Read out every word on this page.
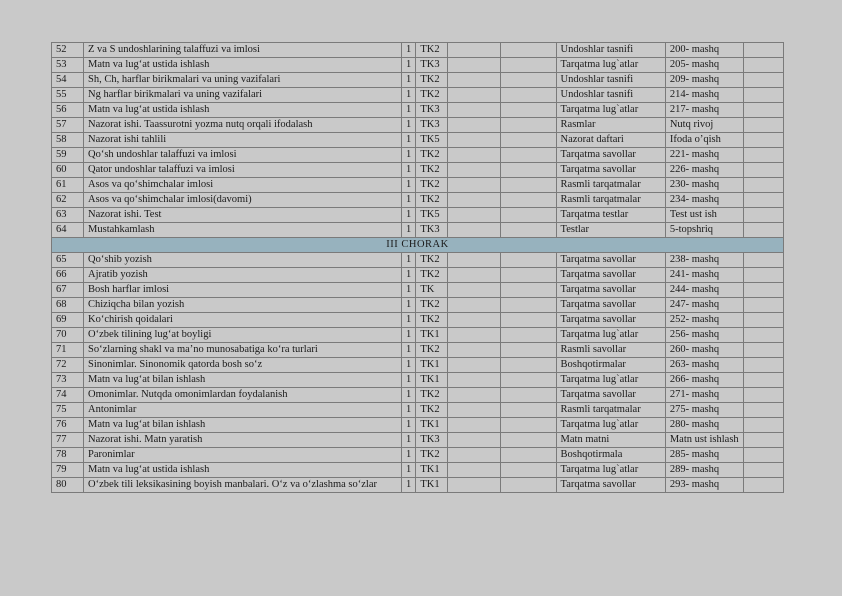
52	Z va S undoshlarining talaffuzi va imlosi	1	TK2			Undoshlar tasnifi	200- mashq	
53	Matn va lug‘at ustida ishlash	1	TK3			Tarqatma lug`atlar	205- mashq	
54	Sh, Ch, harflar birikmalari va uning vazifalari	1	TK2			Undoshlar tasnifi	209- mashq	
55	Ng harflar birikmalari va uning vazifalari	1	TK2			Undoshlar tasnifi	214- mashq	
56	Matn va lug‘at ustida ishlash	1	TK3			Tarqatma lug`atlar	217- mashq	
57	Nazorat ishi. Taassurotni yozma nutq orqali ifodalash	1	TK3			Rasmlar	Nutq rivoj	
58	Nazorat ishi tahlili	1	TK5			Nazorat daftari	Ifoda o’qish	
59	Qo‘sh undoshlar talaffuzi va imlosi	1	TK2			Tarqatma savollar	221- mashq	
60	Qator undoshlar talaffuzi va imlosi	1	TK2			Tarqatma savollar	226- mashq	
61	Asos va qo‘shimchalar imlosi	1	TK2			Rasmli tarqatmalar	230- mashq	
62	Asos va qo‘shimchalar imlosi(davomi)	1	TK2			Rasmli tarqatmalar	234- mashq	
63	Nazorat ishi. Test	1	TK5			Tarqatma testlar	Test ust ish	
64	Mustahkamlash	1	TK3			Testlar	5-topshriq	
III CHORAK								
65	Qo‘shib yozish	1	TK2			Tarqatma savollar	238- mashq	
66	Ajratib yozish	1	TK2			Tarqatma savollar	241- mashq	
67	Bosh harflar imlosi	1	TK			Tarqatma savollar	244- mashq	
68	Chiziqcha bilan yozish	1	TK2			Tarqatma savollar	247- mashq	
69	Ko‘chirish qoidalari	1	TK2			Tarqatma savollar	252- mashq	
70	O‘zbek tilining lug‘at boyligi	1	TK1			Tarqatma lug`atlar	256- mashq	
71	So‘zlarning shakl va ma’no munosabatiga ko‘ra turlari	1	TK2			Rasmli savollar	260- mashq	
72	Sinonimlar. Sinonomik qatorda bosh so‘z	1	TK1			Boshqotirmalar	263- mashq	
73	Matn va lug‘at bilan ishlash	1	TK1			Tarqatma lug`atlar	266- mashq	
74	Omonimlar. Nutqda omonimlardan foydalanish	1	TK2			Tarqatma savollar	271- mashq	
75	Antonimlar	1	TK2			Rasmli tarqatmalar	275- mashq	
76	Matn va lug‘at bilan ishlash	1	TK1			Tarqatma lug`atlar	280- mashq	
77	Nazorat ishi. Matn yaratish	1	TK3			Matn matni	Matn ust ishlash	
78	Paronimlar	1	TK2			Boshqotirmala	285- mashq	
79	Matn va lug‘at ustida ishlash	1	TK1			Tarqatma lug`atlar	289- mashq	
80	O‘zbek tili leksikasining boyish manbalari. O‘z va o‘zlashma so‘zlar	1	TK1			Tarqatma savollar	293- mashq	
